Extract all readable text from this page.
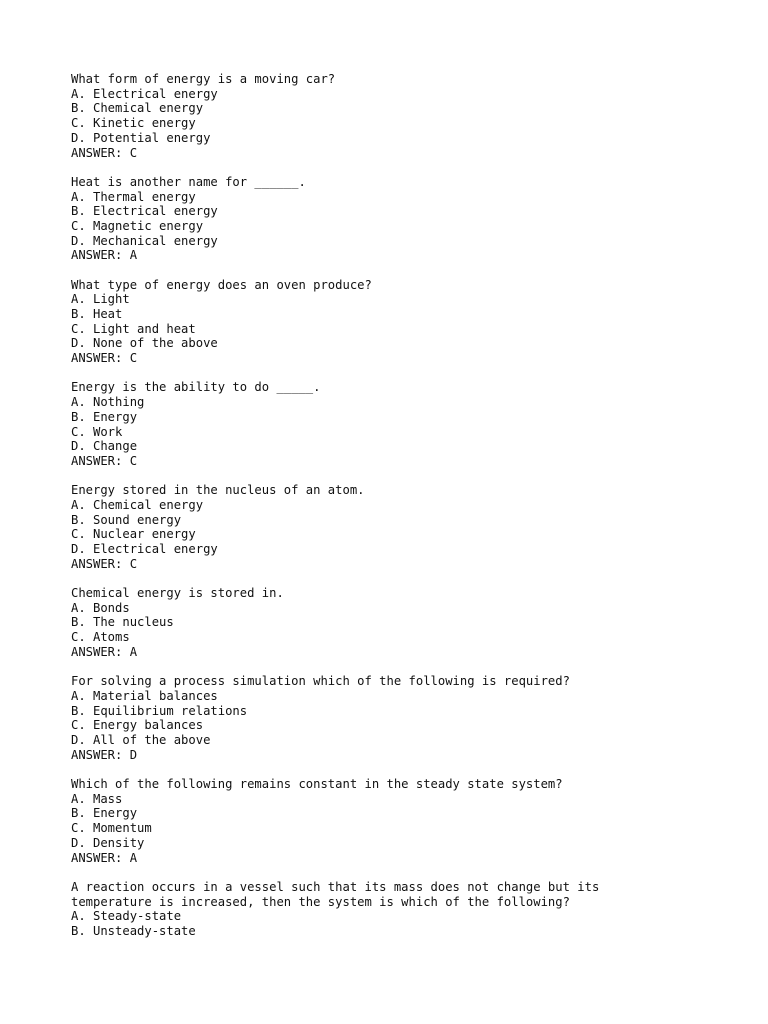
What form of energy is a moving car?
A. Electrical energy
B. Chemical energy
C. Kinetic energy
D. Potential energy
ANSWER: C
Heat is another name for ______.
A. Thermal energy
B. Electrical energy
C. Magnetic energy
D. Mechanical energy
ANSWER: A
What type of energy does an oven produce?
A. Light
B. Heat
C. Light and heat
D. None of the above
ANSWER: C
Energy is the ability to do _____.
A. Nothing
B. Energy
C. Work
D. Change
ANSWER: C
Energy stored in the nucleus of an atom.
A. Chemical energy
B. Sound energy
C. Nuclear energy
D. Electrical energy
ANSWER: C
Chemical energy is stored in.
A. Bonds
B. The nucleus
C. Atoms
ANSWER: A
For solving a process simulation which of the following is required?
A. Material balances
B. Equilibrium relations
C. Energy balances
D. All of the above
ANSWER: D
Which of the following remains constant in the steady state system?
A. Mass
B. Energy
C. Momentum
D. Density
ANSWER: A
A reaction occurs in a vessel such that its mass does not change but its
temperature is increased, then the system is which of the following?
A. Steady-state
B. Unsteady-state
